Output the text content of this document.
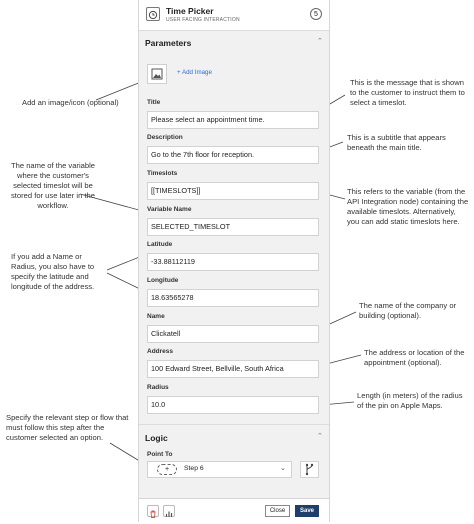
Add an image/icon (optional)
The name of the variable where the customer's selected timeslot will be stored for use later in the workflow.
If you add a Name or Radius, you also have to specify the latitude and longitude of the address.
Specify the relevant step or flow that must follow this step after the customer selected an option.
This is the message that is shown to the customer to instruct them to select a timeslot.
This is a subtitle that appears beneath the main title.
This refers to the variable (from the API Integration node) containing the available timeslots. Alternatively, you can add static timeslots here.
The name of the company or building (optional).
The address or location of the appointment (optional).
Length (in meters) of the radius of the pin on Apple Maps.
Time Picker
USER FACING INTERACTION
5
Parameters	⌃
+ Add Image
Title
Please select an appointment time.
Description
Go to the 7th floor for reception.
Timeslots
[[TIMESLOTS]]
Variable Name
SELECTED_TIMESLOT
Latitude
-33.88112119
Longitude
18.63565278
Name
Clickatell
Address
100 Edward Street, Bellville, South Africa
Radius
10.0
Logic	⌃
Point To
+	Step 6	⌄
Close	Save
